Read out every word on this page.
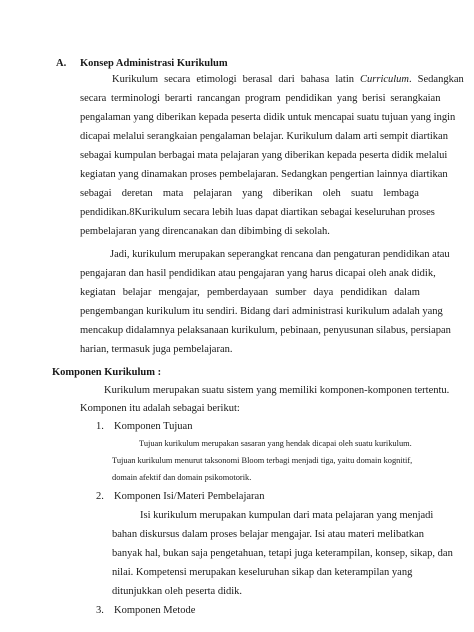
A. Konsep Administrasi Kurikulum
Kurikulum secara etimologi berasal dari bahasa latin Curriculum. Sedangkan
secara terminologi berarti rancangan program pendidikan yang berisi serangkaian
pengalaman yang diberikan kepada peserta didik untuk mencapai suatu tujuan yang ingin
dicapai melalui serangkaian pengalaman belajar. Kurikulum dalam arti sempit diartikan
sebagai kumpulan berbagai mata pelajaran yang diberikan kepada peserta didik melalui
kegiatan yang dinamakan proses pembelajaran. Sedangkan pengertian lainnya diartikan
sebagai deretan mata pelajaran yang diberikan oleh suatu lembaga
pendidikan.8Kurikulum secara lebih luas dapat diartikan sebagai keseluruhan proses
pembelajaran yang direncanakan dan dibimbing di sekolah.
Jadi, kurikulum merupakan seperangkat rencana dan pengaturan pendidikan atau
pengajaran dan hasil pendidikan atau pengajaran yang harus dicapai oleh anak didik,
kegiatan belajar mengajar, pemberdayaan sumber daya pendidikan dalam
pengembangan kurikulum itu sendiri. Bidang dari administrasi kurikulum adalah yang
mencakup didalamnya pelaksanaan kurikulum, pebinaan, penyusunan silabus, persiapan
harian, termasuk juga pembelajaran.
Komponen Kurikulum :
Kurikulum merupakan suatu sistem yang memiliki komponen-komponen tertentu.
Komponen itu adalah sebagai berikut:
1. Komponen Tujuan
Tujuan kurikulum merupakan sasaran yang hendak dicapai oleh suatu kurikulum.
Tujuan kurikulum menurut taksonomi Bloom terbagi menjadi tiga, yaitu domain kognitif,
domain afektif dan domain psikomotorik.
2. Komponen Isi/Materi Pembelajaran
Isi kurikulum merupakan kumpulan dari mata pelajaran yang menjadi
bahan diskursus dalam proses belajar mengajar. Isi atau materi melibatkan
banyak hal, bukan saja pengetahuan, tetapi juga keterampilan, konsep, sikap, dan
nilai. Kompetensi merupakan keseluruhan sikap dan keterampilan yang
ditunjukkan oleh peserta didik.
3. Komponen Metode
